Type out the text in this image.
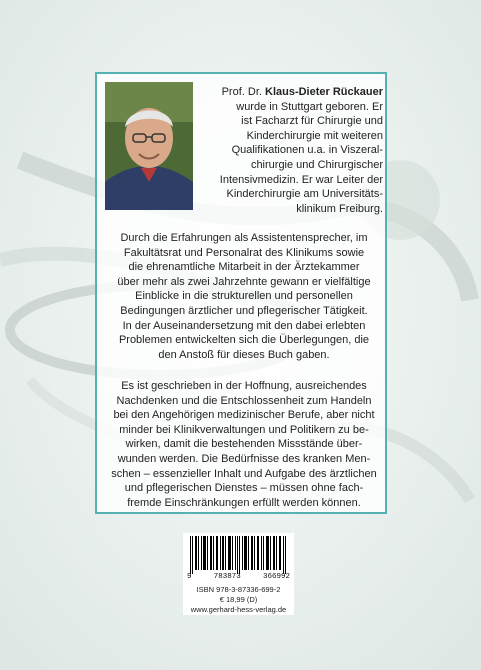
Prof. Dr. Klaus-Dieter Rückauer
wurde in Stuttgart geboren. Er
ist Facharzt für Chirurgie und
Kinderchirurgie mit weiteren
Qualifikationen u.a. in Viszeral-
chirurgie und Chirurgischer
Intensivmedizin. Er war Leiter der
Kinderchirurgie am Universitäts-
klinikum Freiburg.
Durch die Erfahrungen als Assistentensprecher, im
Fakultätsrat und Personalrat des Klinikums sowie
die ehrenamtliche Mitarbeit in der Ärztekammer
über mehr als zwei Jahrzehnte gewann er vielfältige
Einblicke in die strukturellen und personellen
Bedingungen ärztlicher und pflegerischer Tätigkeit.
In der Auseinandersetzung mit den dabei erlebten
Problemen entwickelten sich die Überlegungen, die
den Anstoß für dieses Buch gaben.
Es ist geschrieben in der Hoffnung, ausreichendes
Nachdenken und die Entschlossenheit zum Handeln
bei den Angehörigen medizinischer Berufe, aber nicht
minder bei Klinikverwaltungen und Politikern zu be-
wirken, damit die bestehenden Missstände über-
wunden werden. Die Bedürfnisse des kranken Men-
schen – essenzieller Inhalt und Aufgabe des ärztlichen
und pflegerischen Dienstes – müssen ohne fach-
fremde Einschränkungen erfüllt werden können.
9	783873	366992
ISBN 978-3-87336-699-2
€ 18,99 (D)
www.gerhard-hess-verlag.de
